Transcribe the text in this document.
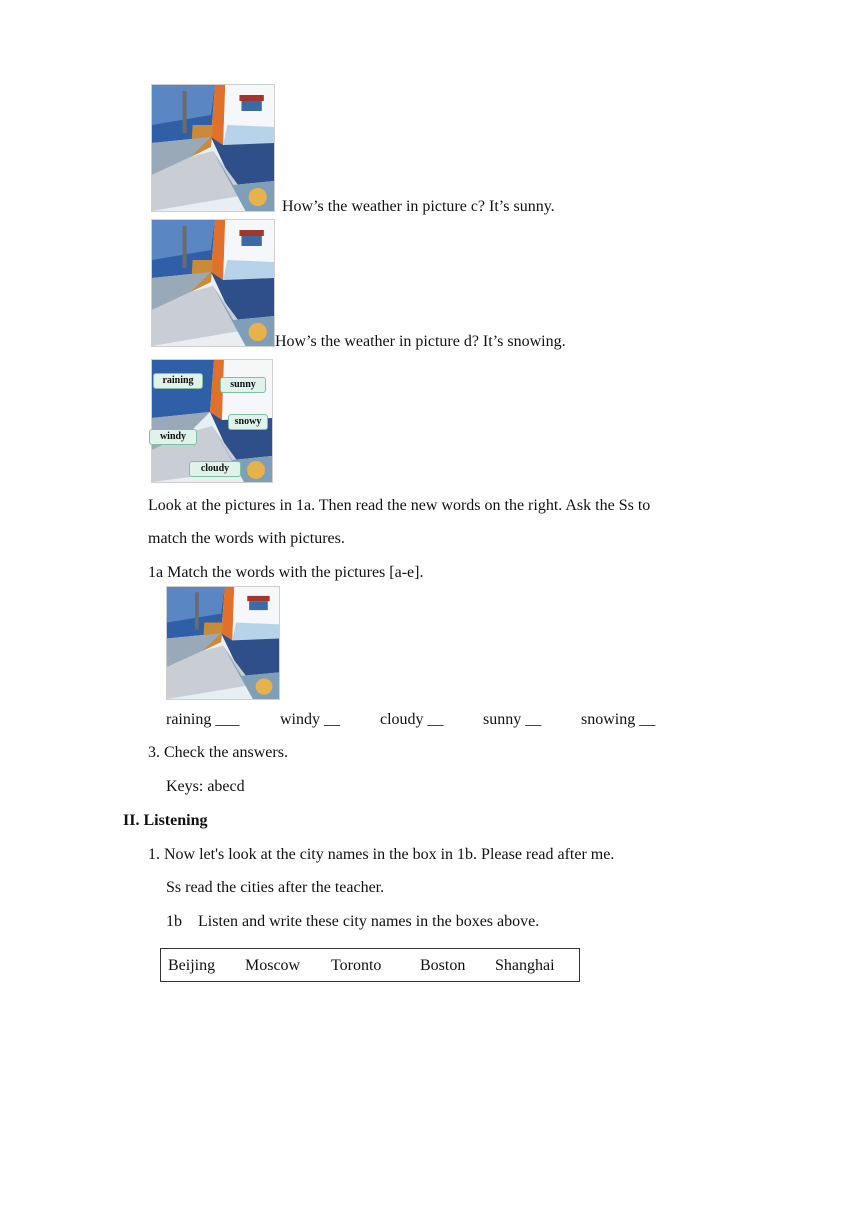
raining	sunny
snowy
windy
cloudy
How’s the weather in picture c? It’s sunny.
How’s the weather in picture d? It’s snowing.
Look at the pictures in 1a. Then read the new words on the right. Ask the Ss to
match the words with pictures.
1a Match the words with the pictures [a-e].
raining ___	windy __	cloudy __ sunny __ snowing __
3. Check the answers.
Keys: abecd
II. Listening
1. Now let's look at the city names in the box in 1b. Please read after me.
Ss read the cities after the teacher.
1b    Listen and write these city names in the boxes above.
Beijing Moscow Toronto Boston Shanghai
